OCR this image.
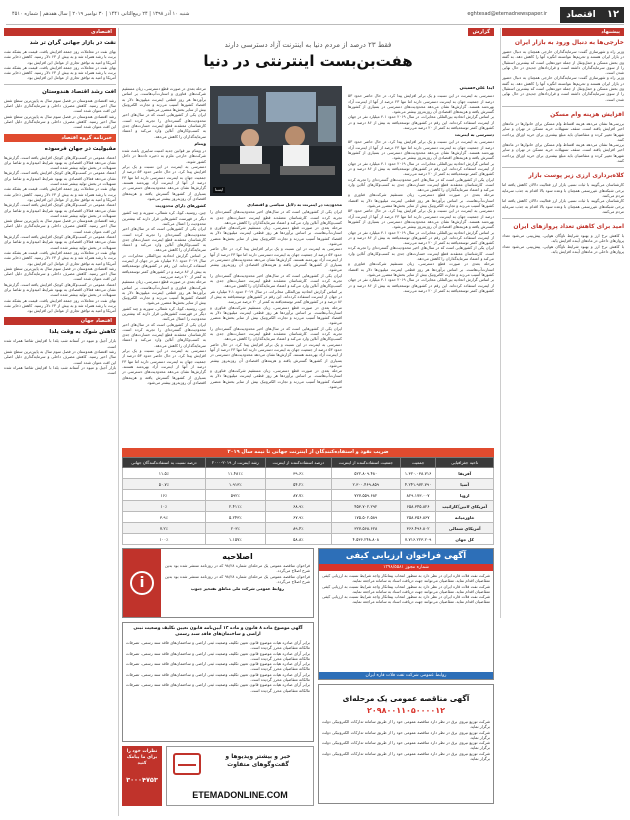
۱۲
اقتصاد
eghtesad@etemadnewspaper.ir
شنبه ۱۰ آذر ۱۳۹۸ | ۲۴ ربیع‌الثانی ۱۴۴۱ | ۳۰ نوامبر ۲۰۱۹ | سال هفدهم | شماره ۴۵۱۰
پیشنهاد
خارجی‌ها به دنبال ورود به بازار ایران

وزیر راه و شهرسازی گفت: سرمایه‌گذاران خارجی همچنان به دنبال حضور در بازار ایران هستند و تحریم‌ها نتوانسته انگیزه آنها را کاهش دهد. به گفته وی بخش مسکن و حمل‌ونقل از جمله حوزه‌هایی است که بیشترین استقبال را از سوی سرمایه‌گذاران داشته است و قراردادهای جدیدی در حال نهایی شدن است.

وزیر راه و شهرسازی گفت: سرمایه‌گذاران خارجی همچنان به دنبال حضور در بازار ایران هستند و تحریم‌ها نتوانسته انگیزه آنها را کاهش دهد. به گفته وی بخش مسکن و حمل‌ونقل از جمله حوزه‌هایی است که بیشترین استقبال را از سوی سرمایه‌گذاران داشته است و قراردادهای جدیدی در حال نهایی شدن است.

افزایش هزینه وام مسکن

بررسی‌ها نشان می‌دهد هزینه اقساط وام مسکن برای خانوارها در ماه‌های اخیر افزایش یافته است. سقف تسهیلات خرید مسکن در تهران و سایر شهرها تغییر کرده و متقاضیان باید مبلغ بیشتری برای خرید اوراق پرداخت کنند.

بررسی‌ها نشان می‌دهد هزینه اقساط وام مسکن برای خانوارها در ماه‌های اخیر افزایش یافته است. سقف تسهیلات خرید مسکن در تهران و سایر شهرها تغییر کرده و متقاضیان باید مبلغ بیشتری برای خرید اوراق پرداخت کنند.

کلاه‌برداری ارزی زیر پوست بازار

کارشناسان می‌گویند با ثبات نسبی بازار ارز فعالیت دلالان کاهش یافته اما برخی شبکه‌های غیررسمی همچنان با وعده سود بالا اقدام به جذب سرمایه مردم می‌کنند.

کارشناسان می‌گویند با ثبات نسبی بازار ارز فعالیت دلالان کاهش یافته اما برخی شبکه‌های غیررسمی همچنان با وعده سود بالا اقدام به جذب سرمایه مردم می‌کنند.

امید برای کاهش تعداد پروازهای ایران

با کاهش نرخ ارز و بهبود شرایط ناوگان هوایی، پیش‌بینی می‌شود تعداد پروازهای داخلی در ماه‌های آینده افزایش یابد.

با کاهش نرخ ارز و بهبود شرایط ناوگان هوایی، پیش‌بینی می‌شود تعداد پروازهای داخلی در ماه‌های آینده افزایش یابد.

گزارش
فقط ۲۳ درصد از مردم دنیا به اینترنت آزاد دسترسی دارند
هفت‌بن‌بست اینترنتی در دنیا
ایسنا
آیدا علی‌حسینی

دسترسی به اینترنت در این نسبت و یک برابر افزایش پیدا کرد. در حال حاضر حدود ۵۳ درصد از جمعیت جهان به اینترنت دسترسی دارند اما تنها ۲۳ درصد از آنها از اینترنت آزاد بهره‌مند هستند. گزارش‌ها نشان می‌دهد محدودیت‌های دسترسی در بسیاری از کشورها گسترش یافته و هزینه‌های اقتصادی آن روزبه‌روز بیشتر می‌شود.

بر اساس گزارش اتحادیه بین‌المللی مخابرات، در سال ۲۰۱۹ حدود ۴.۱ میلیارد نفر در جهان از اینترنت استفاده کرده‌اند. این رقم در کشورهای توسعه‌یافته به بیش از ۸۶ درصد و در کشورهای کمتر توسعه‌یافته به کمتر از ۲۰ درصد می‌رسد.

دسترسی به اینترنت

دسترسی به اینترنت در این نسبت و یک برابر افزایش پیدا کرد. در حال حاضر حدود ۵۳ درصد از جمعیت جهان به اینترنت دسترسی دارند اما تنها ۲۳ درصد از آنها از اینترنت آزاد بهره‌مند هستند. گزارش‌ها نشان می‌دهد محدودیت‌های دسترسی در بسیاری از کشورها گسترش یافته و هزینه‌های اقتصادی آن روزبه‌روز بیشتر می‌شود.

بر اساس گزارش اتحادیه بین‌المللی مخابرات، در سال ۲۰۱۹ حدود ۴.۱ میلیارد نفر در جهان از اینترنت استفاده کرده‌اند. این رقم در کشورهای توسعه‌یافته به بیش از ۸۶ درصد و در کشورهای کمتر توسعه‌یافته به کمتر از ۲۰ درصد می‌رسد.

ایران یکی از کشورهایی است که در سال‌های اخیر محدودیت‌های گسترده‌ای را تجربه کرده است. کارشناسان معتقدند قطع اینترنت خسارت‌های جدی به کسب‌وکارهای آنلاین وارد می‌کند و اعتماد سرمایه‌گذاران را کاهش می‌دهد.

مرحله بعدی در صورت قطع دسترسی، زیان مستقیم شرکت‌های فناوری و استارت‌آپ‌هاست. بر اساس برآوردها هر روز قطعی اینترنت میلیون‌ها دلار به اقتصاد کشورها آسیب می‌زند و تجارت الکترونیک بیش از سایر بخش‌ها متضرر می‌شود.

دسترسی به اینترنت در این نسبت و یک برابر افزایش پیدا کرد. در حال حاضر حدود ۵۳ درصد از جمعیت جهان به اینترنت دسترسی دارند اما تنها ۲۳ درصد از آنها از اینترنت آزاد بهره‌مند هستند. گزارش‌ها نشان می‌دهد محدودیت‌های دسترسی در بسیاری از کشورها گسترش یافته و هزینه‌های اقتصادی آن روزبه‌روز بیشتر می‌شود.

بر اساس گزارش اتحادیه بین‌المللی مخابرات، در سال ۲۰۱۹ حدود ۴.۱ میلیارد نفر در جهان از اینترنت استفاده کرده‌اند. این رقم در کشورهای توسعه‌یافته به بیش از ۸۶ درصد و در کشورهای کمتر توسعه‌یافته به کمتر از ۲۰ درصد می‌رسد.

ایران یکی از کشورهایی است که در سال‌های اخیر محدودیت‌های گسترده‌ای را تجربه کرده است. کارشناسان معتقدند قطع اینترنت خسارت‌های جدی به کسب‌وکارهای آنلاین وارد می‌کند و اعتماد سرمایه‌گذاران را کاهش می‌دهد.

مرحله بعدی در صورت قطع دسترسی، زیان مستقیم شرکت‌های فناوری و استارت‌آپ‌هاست. بر اساس برآوردها هر روز قطعی اینترنت میلیون‌ها دلار به اقتصاد کشورها آسیب می‌زند و تجارت الکترونیک بیش از سایر بخش‌ها متضرر می‌شود.

بر اساس گزارش اتحادیه بین‌المللی مخابرات، در سال ۲۰۱۹ حدود ۴.۱ میلیارد نفر در جهان از اینترنت استفاده کرده‌اند. این رقم در کشورهای توسعه‌یافته به بیش از ۸۶ درصد و در کشورهای کمتر توسعه‌یافته به کمتر از ۲۰ درصد می‌رسد.

محدودیت در اینترنت به دلایل سیاسی و اقتصادی

ایران یکی از کشورهایی است که در سال‌های اخیر محدودیت‌های گسترده‌ای را تجربه کرده است. کارشناسان معتقدند قطع اینترنت خسارت‌های جدی به کسب‌وکارهای آنلاین وارد می‌کند و اعتماد سرمایه‌گذاران را کاهش می‌دهد.

مرحله بعدی در صورت قطع دسترسی، زیان مستقیم شرکت‌های فناوری و استارت‌آپ‌هاست. بر اساس برآوردها هر روز قطعی اینترنت میلیون‌ها دلار به اقتصاد کشورها آسیب می‌زند و تجارت الکترونیک بیش از سایر بخش‌ها متضرر می‌شود.

دسترسی به اینترنت در این نسبت و یک برابر افزایش پیدا کرد. در حال حاضر حدود ۵۳ درصد از جمعیت جهان به اینترنت دسترسی دارند اما تنها ۲۳ درصد از آنها از اینترنت آزاد بهره‌مند هستند. گزارش‌ها نشان می‌دهد محدودیت‌های دسترسی در بسیاری از کشورها گسترش یافته و هزینه‌های اقتصادی آن روزبه‌روز بیشتر می‌شود.

ایران یکی از کشورهایی است که در سال‌های اخیر محدودیت‌های گسترده‌ای را تجربه کرده است. کارشناسان معتقدند قطع اینترنت خسارت‌های جدی به کسب‌وکارهای آنلاین وارد می‌کند و اعتماد سرمایه‌گذاران را کاهش می‌دهد.

بر اساس گزارش اتحادیه بین‌المللی مخابرات، در سال ۲۰۱۹ حدود ۴.۱ میلیارد نفر در جهان از اینترنت استفاده کرده‌اند. این رقم در کشورهای توسعه‌یافته به بیش از ۸۶ درصد و در کشورهای کمتر توسعه‌یافته به کمتر از ۲۰ درصد می‌رسد.

مرحله بعدی در صورت قطع دسترسی، زیان مستقیم شرکت‌های فناوری و استارت‌آپ‌هاست. بر اساس برآوردها هر روز قطعی اینترنت میلیون‌ها دلار به اقتصاد کشورها آسیب می‌زند و تجارت الکترونیک بیش از سایر بخش‌ها متضرر می‌شود.

ایران یکی از کشورهایی است که در سال‌های اخیر محدودیت‌های گسترده‌ای را تجربه کرده است. کارشناسان معتقدند قطع اینترنت خسارت‌های جدی به کسب‌وکارهای آنلاین وارد می‌کند و اعتماد سرمایه‌گذاران را کاهش می‌دهد.

دسترسی به اینترنت در این نسبت و یک برابر افزایش پیدا کرد. در حال حاضر حدود ۵۳ درصد از جمعیت جهان به اینترنت دسترسی دارند اما تنها ۲۳ درصد از آنها از اینترنت آزاد بهره‌مند هستند. گزارش‌ها نشان می‌دهد محدودیت‌های دسترسی در بسیاری از کشورها گسترش یافته و هزینه‌های اقتصادی آن روزبه‌روز بیشتر می‌شود.

مرحله بعدی در صورت قطع دسترسی، زیان مستقیم شرکت‌های فناوری و استارت‌آپ‌هاست. بر اساس برآوردها هر روز قطعی اینترنت میلیون‌ها دلار به اقتصاد کشورها آسیب می‌زند و تجارت الکترونیک بیش از سایر بخش‌ها متضرر می‌شود.

مرحله بعدی در صورت قطع دسترسی، زیان مستقیم شرکت‌های فناوری و استارت‌آپ‌هاست. بر اساس برآوردها هر روز قطعی اینترنت میلیون‌ها دلار به اقتصاد کشورها آسیب می‌زند و تجارت الکترونیک بیش از سایر بخش‌ها متضرر می‌شود.

ایران یکی از کشورهایی است که در سال‌های اخیر محدودیت‌های گسترده‌ای را تجربه کرده است. کارشناسان معتقدند قطع اینترنت خسارت‌های جدی به کسب‌وکارهای آنلاین وارد می‌کند و اعتماد سرمایه‌گذاران را کاهش می‌دهد.

ویتنام

در ویتنام نیز قوانین جدید امنیت سایبری باعث شده شرکت‌های خارجی ملزم به ذخیره داده‌ها در داخل کشور شوند.

دسترسی به اینترنت در این نسبت و یک برابر افزایش پیدا کرد. در حال حاضر حدود ۵۳ درصد از جمعیت جهان به اینترنت دسترسی دارند اما تنها ۲۳ درصد از آنها از اینترنت آزاد بهره‌مند هستند. گزارش‌ها نشان می‌دهد محدودیت‌های دسترسی در بسیاری از کشورها گسترش یافته و هزینه‌های اقتصادی آن روزبه‌روز بیشتر می‌شود.

کشورهای دارای محدودیت

چین، روسیه، کوبا، کره شمالی، سوریه و چند کشور دیگر در فهرست کشورهایی قرار دارند که بیشترین محدودیت را اعمال می‌کنند.

ایران یکی از کشورهایی است که در سال‌های اخیر محدودیت‌های گسترده‌ای را تجربه کرده است. کارشناسان معتقدند قطع اینترنت خسارت‌های جدی به کسب‌وکارهای آنلاین وارد می‌کند و اعتماد سرمایه‌گذاران را کاهش می‌دهد.

بر اساس گزارش اتحادیه بین‌المللی مخابرات، در سال ۲۰۱۹ حدود ۴.۱ میلیارد نفر در جهان از اینترنت استفاده کرده‌اند. این رقم در کشورهای توسعه‌یافته به بیش از ۸۶ درصد و در کشورهای کمتر توسعه‌یافته به کمتر از ۲۰ درصد می‌رسد.

مرحله بعدی در صورت قطع دسترسی، زیان مستقیم شرکت‌های فناوری و استارت‌آپ‌هاست. بر اساس برآوردها هر روز قطعی اینترنت میلیون‌ها دلار به اقتصاد کشورها آسیب می‌زند و تجارت الکترونیک بیش از سایر بخش‌ها متضرر می‌شود.

چین، روسیه، کوبا، کره شمالی، سوریه و چند کشور دیگر در فهرست کشورهایی قرار دارند که بیشترین محدودیت را اعمال می‌کنند.

ایران یکی از کشورهایی است که در سال‌های اخیر محدودیت‌های گسترده‌ای را تجربه کرده است. کارشناسان معتقدند قطع اینترنت خسارت‌های جدی به کسب‌وکارهای آنلاین وارد می‌کند و اعتماد سرمایه‌گذاران را کاهش می‌دهد.

دسترسی به اینترنت در این نسبت و یک برابر افزایش پیدا کرد. در حال حاضر حدود ۵۳ درصد از جمعیت جهان به اینترنت دسترسی دارند اما تنها ۲۳ درصد از آنها از اینترنت آزاد بهره‌مند هستند. گزارش‌ها نشان می‌دهد محدودیت‌های دسترسی در بسیاری از کشورها گسترش یافته و هزینه‌های اقتصادی آن روزبه‌روز بیشتر می‌شود.

ضریب نفوذ و استفاده‌کنندگان از اینترنت جهانی تا نیمه سال ۲۰۱۹
ناحیه جغرافیایی	جمعیت	جمعیت استفاده‌کننده از اینترنت	درصد استفاده‌کننده از اینترنت	رشد اینترنت از ۲۰۱۹-۲۰۰۰	درصد نسبت به استفاده‌کنندگان جهانی
آفریقا	۱.۳۲۰.۰۳۸.۷۱۶	۵۲۲.۸۰۹.۴۸۰	۳۹.۶٪	۱۱.۴۸۱٪	۱۱.۵٪
آسیا	۴.۲۴۱.۹۷۲.۷۹۰	۲.۳۰۰.۴۶۹.۸۵۹	۵۴.۲٪	۱.۹۱۳٪	۵۰.۷٪
اروپا	۸۲۹.۱۷۳.۰۰۷	۷۲۷.۵۵۹.۶۸۲	۸۷.۷٪	۵۹۲٪	۱۶٪
آمریکای لاتین/کارائیب	۶۵۸.۳۴۵.۸۲۶	۴۵۳.۷۰۲.۲۹۲	۶۸.۹٪	۲.۴۱۱٪	۱۰٪
خاورمیانه	۲۵۸.۳۵۶.۸۶۷	۱۷۵.۵۰۲.۵۸۹	۶۷.۹٪	۵.۲۴۳٪	۳.۹٪
آمریکای شمالی	۳۶۶.۴۹۶.۸۰۲	۳۲۷.۵۶۸.۶۲۸	۸۹.۴٪	۲۰۳٪	۷.۲٪
کل جهان	۷.۷۱۶.۲۲۳.۲۰۹	۴.۵۳۶.۲۴۸.۸۰۸	۵۸.۸٪	۱.۱۵۷٪	۱۰۰٪
اقتصادی
نفت در بازار جهانی گران تر شد

بهای نفت در معاملات روز جمعه افزایش یافت. قیمت هر بشکه نفت برنت با رشد همراه شد و به بیش از ۶۳ دلار رسید. کاهش ذخایر نفت آمریکا و امید به توافق تجاری از عوامل این افزایش بود.

بهای نفت در معاملات روز جمعه افزایش یافت. قیمت هر بشکه نفت برنت با رشد همراه شد و به بیش از ۶۳ دلار رسید. کاهش ذخایر نفت آمریکا و امید به توافق تجاری از عوامل این افزایش بود.

افت رشد اقتصاد هندوستان

رشد اقتصادی هندوستان در فصل سوم سال به پایین‌ترین سطح شش سال اخیر رسید. کاهش مصرف داخلی و سرمایه‌گذاری دلیل اصلی این افت عنوان شده است.

رشد اقتصادی هندوستان در فصل سوم سال به پایین‌ترین سطح شش سال اخیر رسید. کاهش مصرف داخلی و سرمایه‌گذاری دلیل اصلی این افت عنوان شده است.

خبرنامه گروه اقتصاد
مقبولیت در جهان فرسوده

اعتماد عمومی در کسب‌وکارهای کوچک افزایش یافته است. گزارش‌ها نشان می‌دهد فعالان اقتصادی به بهبود شرایط امیدوارند و تقاضا برای تسهیلات در بخش تولید بیشتر شده است.

اعتماد عمومی در کسب‌وکارهای کوچک افزایش یافته است. گزارش‌ها نشان می‌دهد فعالان اقتصادی به بهبود شرایط امیدوارند و تقاضا برای تسهیلات در بخش تولید بیشتر شده است.

بهای نفت در معاملات روز جمعه افزایش یافت. قیمت هر بشکه نفت برنت با رشد همراه شد و به بیش از ۶۳ دلار رسید. کاهش ذخایر نفت آمریکا و امید به توافق تجاری از عوامل این افزایش بود.

اعتماد عمومی در کسب‌وکارهای کوچک افزایش یافته است. گزارش‌ها نشان می‌دهد فعالان اقتصادی به بهبود شرایط امیدوارند و تقاضا برای تسهیلات در بخش تولید بیشتر شده است.

رشد اقتصادی هندوستان در فصل سوم سال به پایین‌ترین سطح شش سال اخیر رسید. کاهش مصرف داخلی و سرمایه‌گذاری دلیل اصلی این افت عنوان شده است.

اعتماد عمومی در کسب‌وکارهای کوچک افزایش یافته است. گزارش‌ها نشان می‌دهد فعالان اقتصادی به بهبود شرایط امیدوارند و تقاضا برای تسهیلات در بخش تولید بیشتر شده است.

بهای نفت در معاملات روز جمعه افزایش یافت. قیمت هر بشکه نفت برنت با رشد همراه شد و به بیش از ۶۳ دلار رسید. کاهش ذخایر نفت آمریکا و امید به توافق تجاری از عوامل این افزایش بود.

رشد اقتصادی هندوستان در فصل سوم سال به پایین‌ترین سطح شش سال اخیر رسید. کاهش مصرف داخلی و سرمایه‌گذاری دلیل اصلی این افت عنوان شده است.

اعتماد عمومی در کسب‌وکارهای کوچک افزایش یافته است. گزارش‌ها نشان می‌دهد فعالان اقتصادی به بهبود شرایط امیدوارند و تقاضا برای تسهیلات در بخش تولید بیشتر شده است.

بهای نفت در معاملات روز جمعه افزایش یافت. قیمت هر بشکه نفت برنت با رشد همراه شد و به بیش از ۶۳ دلار رسید. کاهش ذخایر نفت آمریکا و امید به توافق تجاری از عوامل این افزایش بود.

اقتصاد جهان
کاهش شوک به وقت یلدا

بازار آجیل و میوه در آستانه شب یلدا با افزایش تقاضا همراه شده است.

رشد اقتصادی هندوستان در فصل سوم سال به پایین‌ترین سطح شش سال اخیر رسید. کاهش مصرف داخلی و سرمایه‌گذاری دلیل اصلی این افت عنوان شده است.

بازار آجیل و میوه در آستانه شب یلدا با افزایش تقاضا همراه شده است.

آگهی فراخوان ارزیابی کیفی
شماره مجوز ۱۳۹۸/۵۵۸۱

شرکت نفت فلات قاره ایران در نظر دارد به منظور انتخاب پیمانکار واجد شرایط نسبت به ارزیابی کیفی متقاضیان اقدام نماید. متقاضیان می‌توانند جهت دریافت اسناد به سامانه مراجعه نمایند.

شرکت نفت فلات قاره ایران در نظر دارد به منظور انتخاب پیمانکار واجد شرایط نسبت به ارزیابی کیفی متقاضیان اقدام نماید. متقاضیان می‌توانند جهت دریافت اسناد به سامانه مراجعه نمایند.

شرکت نفت فلات قاره ایران در نظر دارد به منظور انتخاب پیمانکار واجد شرایط نسبت به ارزیابی کیفی متقاضیان اقدام نماید. متقاضیان می‌توانند جهت دریافت اسناد به سامانه مراجعه نمایند.

روابط عمومی شرکت نفت فلات قاره ایران
آگهی مناقصه عمومی یک مرحله‌ای
۲۰۹۸۰۰۱۱۰۵۰۰۰۰۱۲

شرکت توزیع نیروی برق در نظر دارد مناقصه عمومی خود را از طریق سامانه تدارکات الکترونیکی دولت برگزار نماید.

شرکت توزیع نیروی برق در نظر دارد مناقصه عمومی خود را از طریق سامانه تدارکات الکترونیکی دولت برگزار نماید.

شرکت توزیع نیروی برق در نظر دارد مناقصه عمومی خود را از طریق سامانه تدارکات الکترونیکی دولت برگزار نماید.

شرکت توزیع نیروی برق در نظر دارد مناقصه عمومی خود را از طریق سامانه تدارکات الکترونیکی دولت برگزار نماید.

i
اصلاحیه

فراخوان مناقصه عمومی یک مرحله‌ای شماره ۹۸/۲۸ که در روزنامه منتشر شده بود بدین شرح اصلاح می‌گردد.

فراخوان مناقصه عمومی یک مرحله‌ای شماره ۹۸/۲۸ که در روزنامه منتشر شده بود بدین شرح اصلاح می‌گردد.

روابط عمومی شرکت ملی مناطق نفتخیز جنوب
آگهی موضوع ماده ۸ قانون و ماده ۱۳ آیین‌نامه قانون تعیین تکلیف وضعیت ثبتی اراضی و ساختمان‌های فاقد سند رسمی

برابر آرای صادره هیات موضوع قانون تعیین تکلیف وضعیت ثبتی اراضی و ساختمان‌های فاقد سند رسمی، تصرفات مالکانه متقاضیان محرز گردیده است.

برابر آرای صادره هیات موضوع قانون تعیین تکلیف وضعیت ثبتی اراضی و ساختمان‌های فاقد سند رسمی، تصرفات مالکانه متقاضیان محرز گردیده است.

برابر آرای صادره هیات موضوع قانون تعیین تکلیف وضعیت ثبتی اراضی و ساختمان‌های فاقد سند رسمی، تصرفات مالکانه متقاضیان محرز گردیده است.

برابر آرای صادره هیات موضوع قانون تعیین تکلیف وضعیت ثبتی اراضی و ساختمان‌های فاقد سند رسمی، تصرفات مالکانه متقاضیان محرز گردیده است.

برابر آرای صادره هیات موضوع قانون تعیین تکلیف وضعیت ثبتی اراضی و ساختمان‌های فاقد سند رسمی، تصرفات مالکانه متقاضیان محرز گردیده است.

خبر و بیشتر ویدیوها و گفت‌وگوهای متفاوت
ETEMADONLINE.COM
نظرات خود را برای ما پیامک کنید
۳۰۰۰۴۷۵۳
